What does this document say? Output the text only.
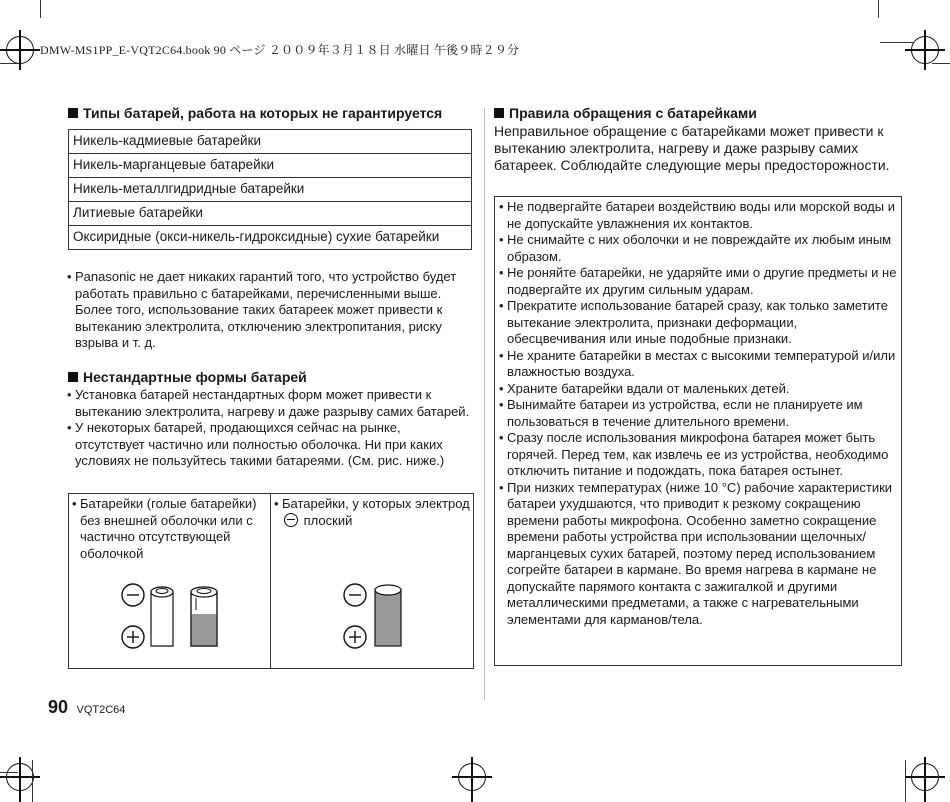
DMW-MS1PP_E-VQT2C64.book 90 ページ ２００９年３月１８日 水曜日 午後９時２９分
Типы батарей, работа на которых не гарантируется
Никель-кадмиевые батарейки
Никель-марганцевые батарейки
Никель-металлгидридные батарейки
Литиевые батарейки
Оксиридные (окси-никель-гидроксидные) сухие батарейки
• Panasonic не дает никаких гарантий того, что устройство будет работать правильно с батарейками, перечисленными выше. Более того, использование таких батареек может привести к вытеканию электролита, отключению электропитания, риску взрыва и т. д.
Нестандартные формы батарей
• Установка батарей нестандартных форм может привести к вытеканию электролита, нагреву и даже разрыву самих батарей.
• У некоторых батарей, продающихся сейчас на рынке, отсутствует частично или полностью оболочка. Ни при каких условиях не пользуйтесь такими батареями. (См. рис. ниже.)
• Батарейки (голые батарейки) без внешней оболочки или с частично отсутствующей оболочкой
• Батарейки, у которых электрод
плоский
Правила обращения с батарейками
Неправильное обращение с батарейками может привести к вытеканию электролита, нагреву и даже разрыву самих батареек. Соблюдайте следующие меры предосторожности.
• Не подвергайте батареи воздействию воды или морской воды и не допускайте увлажнения их контактов.
• Не снимайте с них оболочки и не повреждайте их любым иным образом.
• Не роняйте батарейки, не ударяйте ими о другие предметы и не подвергайте их другим сильным ударам.
• Прекратите использование батарей сразу, как только заметите вытекание электролита, признаки деформации, обесцвечивания или иные подобные признаки.
• Не храните батарейки в местах с высокими температурой и/или влажностью воздуха.
• Храните батарейки вдали от маленьких детей.
• Вынимайте батареи из устройства, если не планируете им пользоваться в течение длительного времени.
• Сразу после использования микрофона батарея может быть горячей. Перед тем, как извлечь ее из устройства, необходимо отключить питание и подождать, пока батарея остынет.
• При низких температурах (ниже 10 °C) рабочие характеристики батареи ухудшаются, что приводит к резкому сокращению времени работы микрофона. Особенно заметно сокращение времени работы устройства при использовании щелочных/марганцевых сухих батарей, поэтому перед использованием согрейте батареи в кармане. Во время нагрева в кармане не допускайте парямого контакта с зажигалкой и другими металлическими предметами, а также с нагревательными элементами для карманов/тела.
90 VQT2C64
